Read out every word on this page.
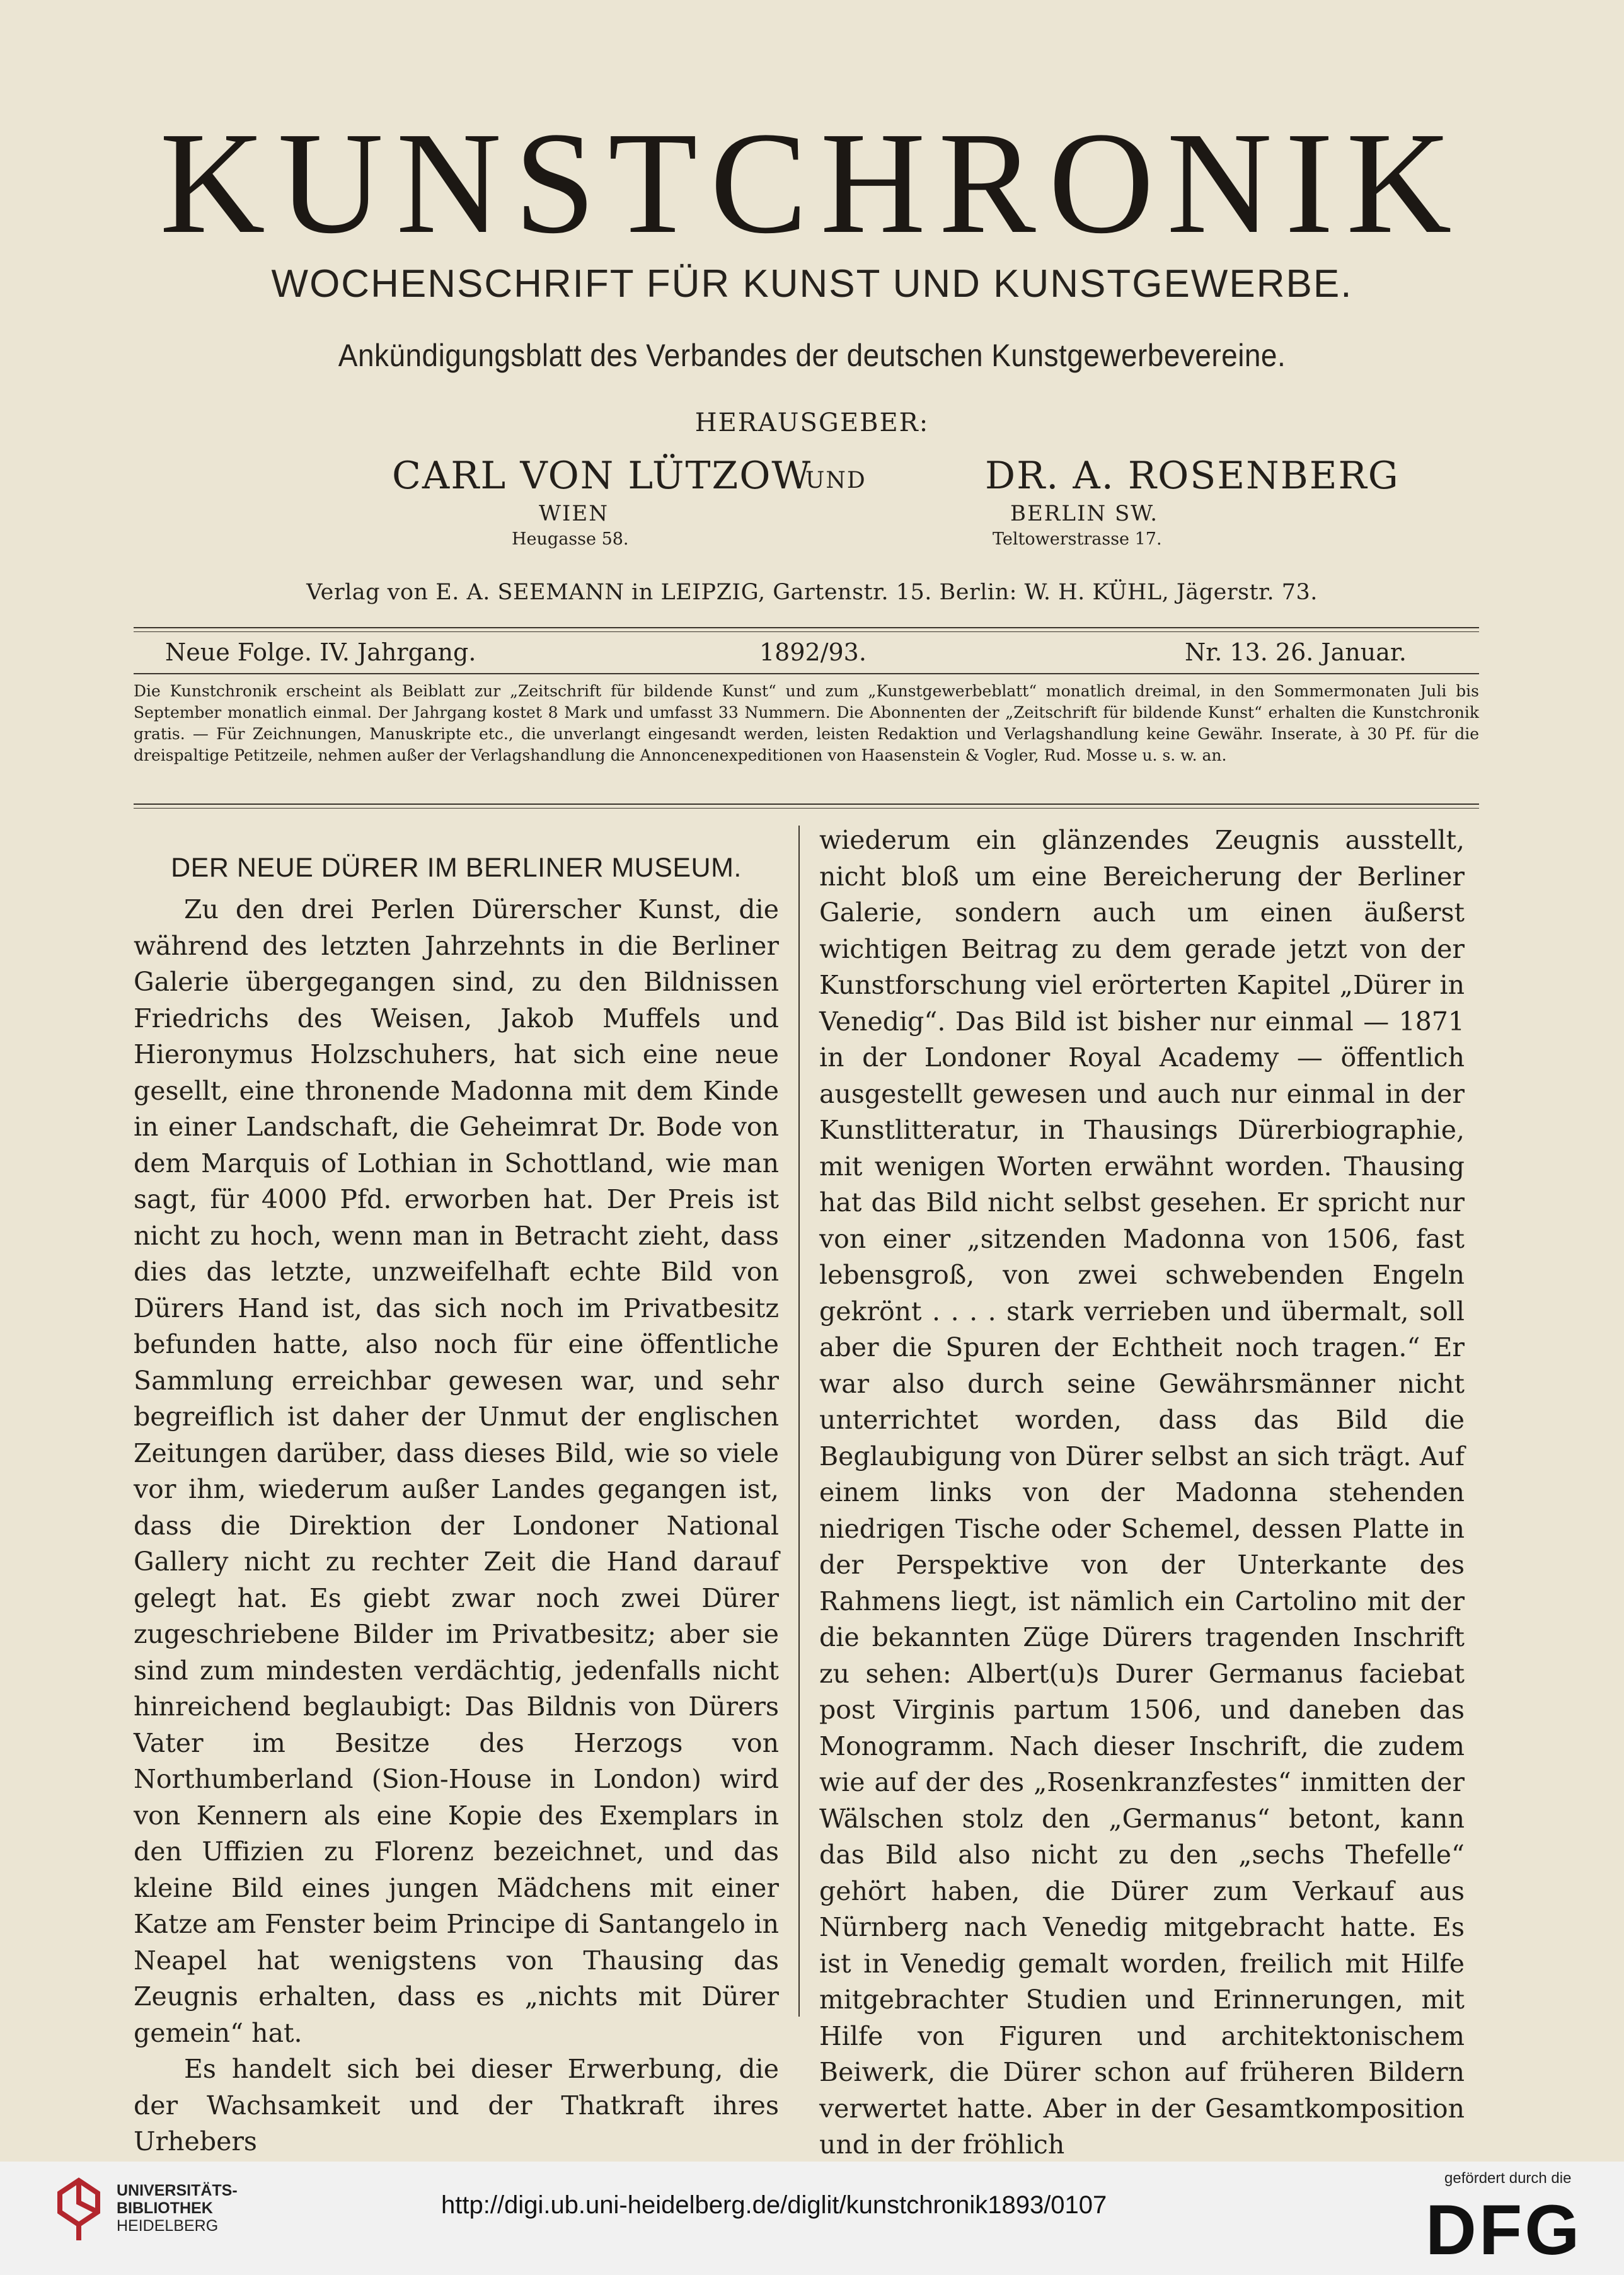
KUNSTCHRONIK
WOCHENSCHRIFT FÜR KUNST UND KUNSTGEWERBE.
Ankündigungsblatt des Verbandes der deutschen Kunstgewerbevereine.
HERAUSGEBER:
CARL VON LÜTZOW
UND	DR. A. ROSENBERG
WIEN	BERLIN SW.
Heugasse 58.	Teltowerstrasse 17.
Verlag von E. A. SEEMANN in LEIPZIG, Gartenstr. 15. Berlin: W. H. KÜHL, Jägerstr. 73.
Neue Folge. IV. Jahrgang.	1892/93.	Nr. 13. 26. Januar.

Die Kunstchronik erscheint als Beiblatt zur „Zeitschrift für bildende Kunst“ und zum „Kunstgewerbeblatt“ monatlich dreimal, in den Sommermonaten Juli bis September monatlich einmal. Der Jahrgang kostet 8 Mark und umfasst 33 Nummern. Die Abonnenten der „Zeitschrift für bildende Kunst“ erhalten die Kunstchronik gratis. — Für Zeichnungen, Manuskripte etc., die unverlangt eingesandt werden, leisten Redaktion und Verlagshandlung keine Gewähr. Inserate, à 30 Pf. für die dreispaltige Petitzeile, nehmen außer der Verlagshandlung die Annoncenexpeditionen von Haasenstein & Vogler, Rud. Mosse u. s. w. an.

DER NEUE DÜRER IM BERLINER MUSEUM.

Zu den drei Perlen Dürerscher Kunst, die während des letzten Jahrzehnts in die Berliner Galerie übergegangen sind, zu den Bildnissen Friedrichs des Weisen, Jakob Muffels und Hieronymus Holzschuhers, hat sich eine neue gesellt, eine thronende Madonna mit dem Kinde in einer Landschaft, die Geheimrat Dr. Bode von dem Marquis of Lothian in Schottland, wie man sagt, für 4000 Pfd. erworben hat. Der Preis ist nicht zu hoch, wenn man in Betracht zieht, dass dies das letzte, unzweifelhaft echte Bild von Dürers Hand ist, das sich noch im Privatbesitz befunden hatte, also noch für eine öffentliche Sammlung erreichbar gewesen war, und sehr begreiflich ist daher der Unmut der englischen Zeitungen darüber, dass dieses Bild, wie so viele vor ihm, wiederum außer Landes gegangen ist, dass die Direktion der Londoner National Gallery nicht zu rechter Zeit die Hand darauf gelegt hat. Es giebt zwar noch zwei Dürer zugeschriebene Bilder im Privatbesitz; aber sie sind zum mindesten verdächtig, jedenfalls nicht hinreichend beglaubigt: Das Bildnis von Dürers Vater im Besitze des Herzogs von Northumberland (Sion-House in London) wird von Kennern als eine Kopie des Exemplars in den Uffizien zu Florenz bezeichnet, und das kleine Bild eines jungen Mädchens mit einer Katze am Fenster beim Principe di Santangelo in Neapel hat wenigstens von Thausing das Zeugnis erhalten, dass es „nichts mit Dürer gemein“ hat.

Es handelt sich bei dieser Erwerbung, die der Wachsamkeit und der Thatkraft ihres Urhebers

wiederum ein glänzendes Zeugnis ausstellt, nicht bloß um eine Bereicherung der Berliner Galerie, sondern auch um einen äußerst wichtigen Beitrag zu dem gerade jetzt von der Kunstforschung viel erörterten Kapitel „Dürer in Venedig“. Das Bild ist bisher nur einmal — 1871 in der Londoner Royal Academy — öffentlich ausgestellt gewesen und auch nur einmal in der Kunstlitteratur, in Thausings Dürerbiographie, mit wenigen Worten erwähnt worden. Thausing hat das Bild nicht selbst gesehen. Er spricht nur von einer „sitzenden Madonna von 1506, fast lebensgroß, von zwei schwebenden Engeln gekrönt . . . . stark verrieben und übermalt, soll aber die Spuren der Echtheit noch tragen.“ Er war also durch seine Gewährsmänner nicht unterrichtet worden, dass das Bild die Beglaubigung von Dürer selbst an sich trägt. Auf einem links von der Madonna stehenden niedrigen Tische oder Schemel, dessen Platte in der Perspektive von der Unterkante des Rahmens liegt, ist nämlich ein Cartolino mit der die bekannten Züge Dürers tragenden Inschrift zu sehen: Albert(u)s Durer Germanus faciebat post Virginis partum 1506, und daneben das Monogramm. Nach dieser Inschrift, die zudem wie auf der des „Rosenkranzfestes“ inmitten der Wälschen stolz den „Germanus“ betont, kann das Bild also nicht zu den „sechs Thefelle“ gehört haben, die Dürer zum Verkauf aus Nürnberg nach Venedig mitgebracht hatte. Es ist in Venedig gemalt worden, freilich mit Hilfe mitgebrachter Studien und Erinnerungen, mit Hilfe von Figuren und architektonischem Beiwerk, die Dürer schon auf früheren Bildern verwertet hatte. Aber in der Gesamtkomposition und in der fröhlich

UNIVERSITÄTS-
BIBLIOTHEK
HEIDELBERG
http://digi.ub.uni-heidelberg.de/diglit/kunstchronik1893/0107
gefördert durch die
DFG
